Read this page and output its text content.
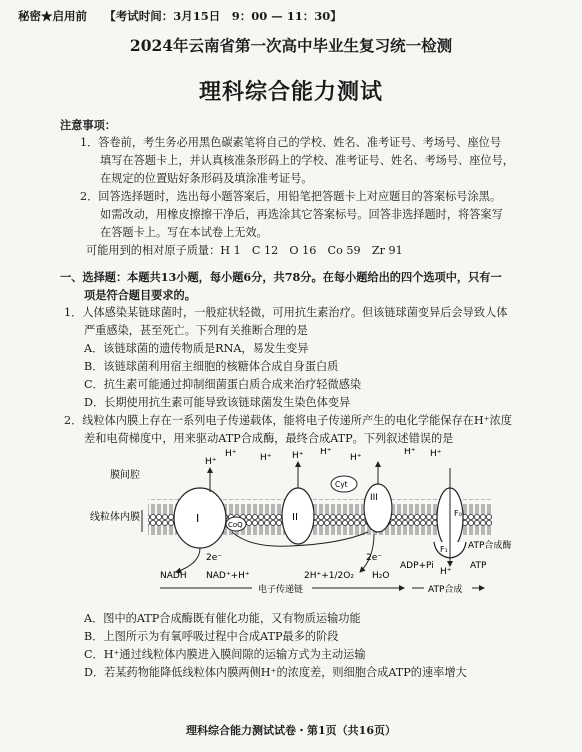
秘密★启用前　　【考试时间：3月15日　9：00 — 11：30】
2024年云南省第一次高中毕业生复习统一检测
理科综合能力测试
注意事项：
1．答卷前，考生务必用黑色碳素笔将自己的学校、姓名、准考证号、考场号、座位号
填写在答题卡上，并认真核准条形码上的学校、准考证号、姓名、考场号、座位号，
在规定的位置贴好条形码及填涂准考证号。
2．回答选择题时，选出每小题答案后，用铅笔把答题卡上对应题目的答案标号涂黑。
如需改动，用橡皮擦擦干净后，再选涂其它答案标号。回答非选择题时，将答案写
在答题卡上。写在本试卷上无效。
可能用到的相对原子质量：H 1　C 12　O 16　Co 59　Zr 91
一、选择题：本题共13小题，每小题6分，共78分。在每小题给出的四个选项中，只有一
项是符合题目要求的。
1．人体感染某链球菌时，一般症状轻微，可用抗生素治疗。但该链球菌变异后会导致人体
严重感染，甚至死亡。下列有关推断合理的是
A．该链球菌的遗传物质是RNA，易发生变异
B．该链球菌利用宿主细胞的核糖体合成自身蛋白质
C．抗生素可能通过抑制细菌蛋白质合成来治疗轻微感染
D．长期使用抗生素可能导致该链球菌发生染色体变异
2．线粒体内膜上存在一系列电子传递载体，能将电子传递所产生的电化学能保存在H⁺浓度
差和电荷梯度中，用来驱动ATP合成酶，最终合成ATP。下列叙述错误的是
膜间腔
线粒体内膜	I	CoQ
II
Cyt
III
F₀
F₁ ATP合成酶
H⁺
H⁺	H⁺ H⁺ H⁺
H⁺
H⁺ H⁺
H⁺
2e⁻	2e⁻
NADH NAD⁺+H⁺	2H⁺+1/2O₂ H₂O
ADP+Pi	ATP
电子传递链	ATP合成
A．图中的ATP合成酶既有催化功能，又有物质运输功能
B．上图所示为有氧呼吸过程中合成ATP最多的阶段
C．H⁺通过线粒体内膜进入膜间隙的运输方式为主动运输
D．若某药物能降低线粒体内膜两侧H⁺的浓度差，则细胞合成ATP的速率增大
理科综合能力测试试卷・第1页（共16页）
